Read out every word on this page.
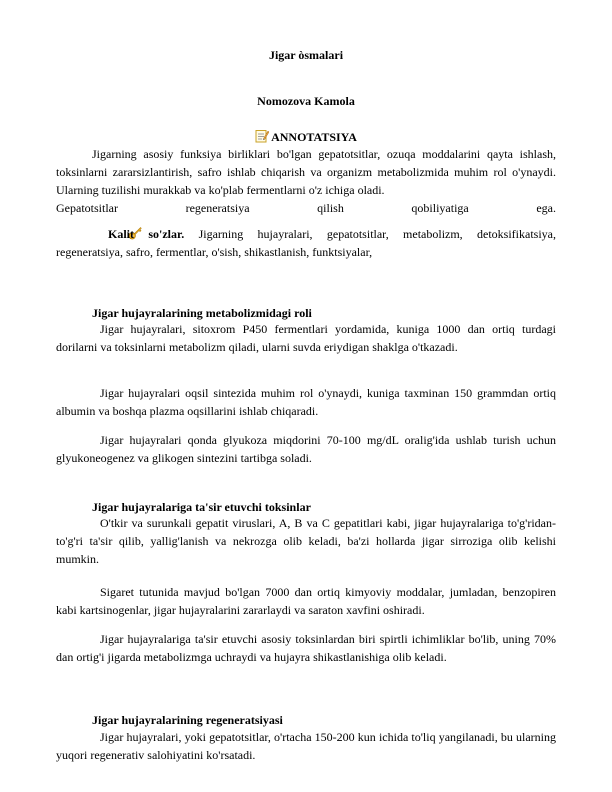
Jigar òsmalari
Nomozova Kamola
ANNOTATSIYA

Jigarning asosiy funksiya birliklari bo'lgan gepatotsitlar, ozuqa moddalarini qayta ishlash, toksinlarni zararsizlantirish, safro ishlab chiqarish va organizm metabolizmida muhim rol o'ynaydi. Ularning tuzilishi murakkab va ko'plab fermentlarni o'z ichiga oladi.

Gepatotsitlar regeneratsiya qilish qobiliyatiga ega.

Kalit so'zlar. Jigarning hujayralari, gepatotsitlar, metabolizm, detoksifikatsiya, regeneratsiya, safro, fermentlar, o'sish, shikastlanish, funktsiyalar,

Jigar hujayralarining metabolizmidagi roli

Jigar hujayralari, sitoxrom P450 fermentlari yordamida, kuniga 1000 dan ortiq turdagi dorilarni va toksinlarni metabolizm qiladi, ularni suvda eriydigan shaklga o'tkazadi.

Jigar hujayralari oqsil sintezida muhim rol o'ynaydi, kuniga taxminan 150 grammdan ortiq albumin va boshqa plazma oqsillarini ishlab chiqaradi.

Jigar hujayralari qonda glyukoza miqdorini 70-100 mg/dL oralig'ida ushlab turish uchun glyukoneogenez va glikogen sintezini tartibga soladi.

Jigar hujayralariga ta'sir etuvchi toksinlar

O'tkir va surunkali gepatit viruslari, A, B va C gepatitlari kabi, jigar hujayralariga to'g'ridan-to'g'ri ta'sir qilib, yallig'lanish va nekrozga olib keladi, ba'zi hollarda jigar sirroziga olib kelishi mumkin.

Sigaret tutunida mavjud bo'lgan 7000 dan ortiq kimyoviy moddalar, jumladan, benzopiren kabi kartsinogenlar, jigar hujayralarini zararlaydi va saraton xavfini oshiradi.

Jigar hujayralariga ta'sir etuvchi asosiy toksinlardan biri spirtli ichimliklar bo'lib, uning 70% dan ortig'i jigarda metabolizmga uchraydi va hujayra shikastlanishiga olib keladi.

Jigar hujayralarining regeneratsiyasi

Jigar hujayralari, yoki gepatotsitlar, o'rtacha 150-200 kun ichida to'liq yangilanadi, bu ularning yuqori regenerativ salohiyatini ko'rsatadi.
